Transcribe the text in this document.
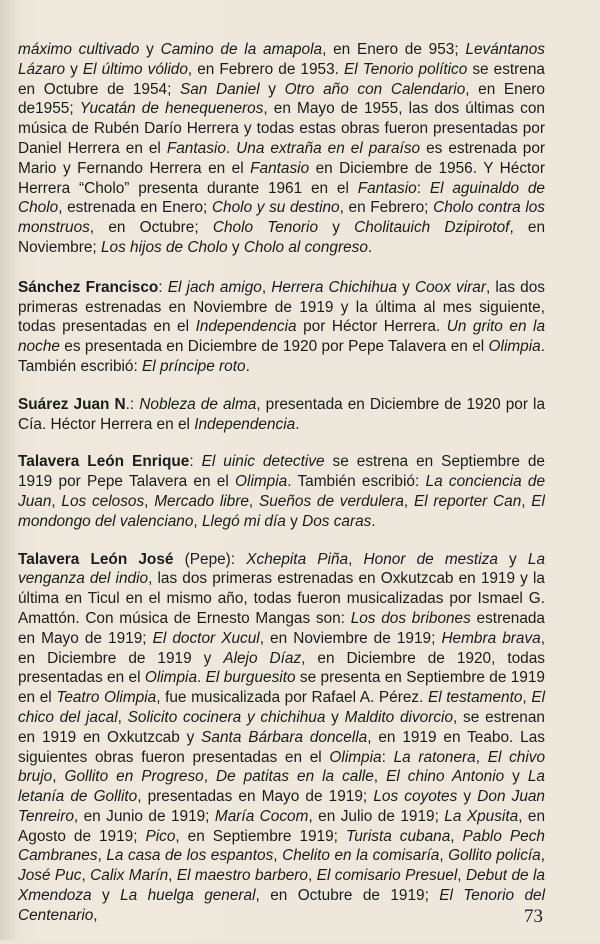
máximo cultivado y Camino de la amapola, en Enero de 953; Levántanos Lázaro y El último vólido, en Febrero de 1953. El Tenorio político se estrena en Octubre de 1954; San Daniel y Otro año con Calendario, en Enero de1955; Yucatán de henequeneros, en Mayo de 1955, las dos últimas con música de Rubén Darío Herrera y todas estas obras fueron presentadas por Daniel Herrera en el Fantasio. Una extraña en el paraíso es estrenada por Mario y Fernando Herrera en el Fantasio en Diciembre de 1956. Y Héctor Herrera “Cholo” presenta durante 1961 en el Fantasio: El aguinaldo de Cholo, estrenada en Enero; Cholo y su destino, en Febrero; Cholo contra los monstruos, en Octubre; Cholo Tenorio y Cholitauich Dzipirotof, en Noviembre; Los hijos de Cholo y Cholo al congreso.

Sánchez Francisco: El jach amigo, Herrera Chichihua y Coox virar, las dos primeras estrenadas en Noviembre de 1919 y la última al mes siguiente, todas presentadas en el Independencia por Héctor Herrera. Un grito en la noche es presentada en Diciembre de 1920 por Pepe Talavera en el Olimpia. También escribió: El príncipe roto.

Suárez Juan N.: Nobleza de alma, presentada en Diciembre de 1920 por la Cía. Héctor Herrera en el Independencia.

Talavera León Enrique: El uinic detective se estrena en Septiembre de 1919 por Pepe Talavera en el Olimpia. También escribió: La conciencia de Juan, Los celosos, Mercado libre, Sueños de verdulera, El reporter Can, El mondongo del valenciano, Llegó mi día y Dos caras.

Talavera León José (Pepe): Xchepita Piña, Honor de mestiza y La venganza del indio, las dos primeras estrenadas en Oxkutzcab en 1919 y la última en Ticul en el mismo año, todas fueron musicalizadas por Ismael G. Amattón. Con música de Ernesto Mangas son: Los dos bribones estrenada en Mayo de 1919; El doctor Xucul, en Noviembre de 1919; Hembra brava, en Diciembre de 1919 y Alejo Díaz, en Diciembre de 1920, todas presentadas en el Olimpia. El burguesito se presenta en Septiembre de 1919 en el Teatro Olimpia, fue musicalizada por Rafael A. Pérez. El testamento, El chico del jacal, Solicito cocinera y chichihua y Maldito divorcio, se estrenan en 1919 en Oxkutzcab y Santa Bárbara doncella, en 1919 en Teabo. Las siguientes obras fueron presentadas en el Olimpia: La ratonera, El chivo brujo, Gollito en Progreso, De patitas en la calle, El chino Antonio y La letanía de Gollito, presentadas en Mayo de 1919; Los coyotes y Don Juan Tenreiro, en Junio de 1919; María Cocom, en Julio de 1919; La Xpusita, en Agosto de 1919; Pico, en Septiembre 1919; Turista cubana, Pablo Pech Cambranes, La casa de los espantos, Chelito en la comisaría, Gollito policía, José Puc, Calix Marín, El maestro barbero, El comisario Presuel, Debut de la Xmendoza y La huelga general, en Octubre de 1919; El Tenorio del Centenario,	73
